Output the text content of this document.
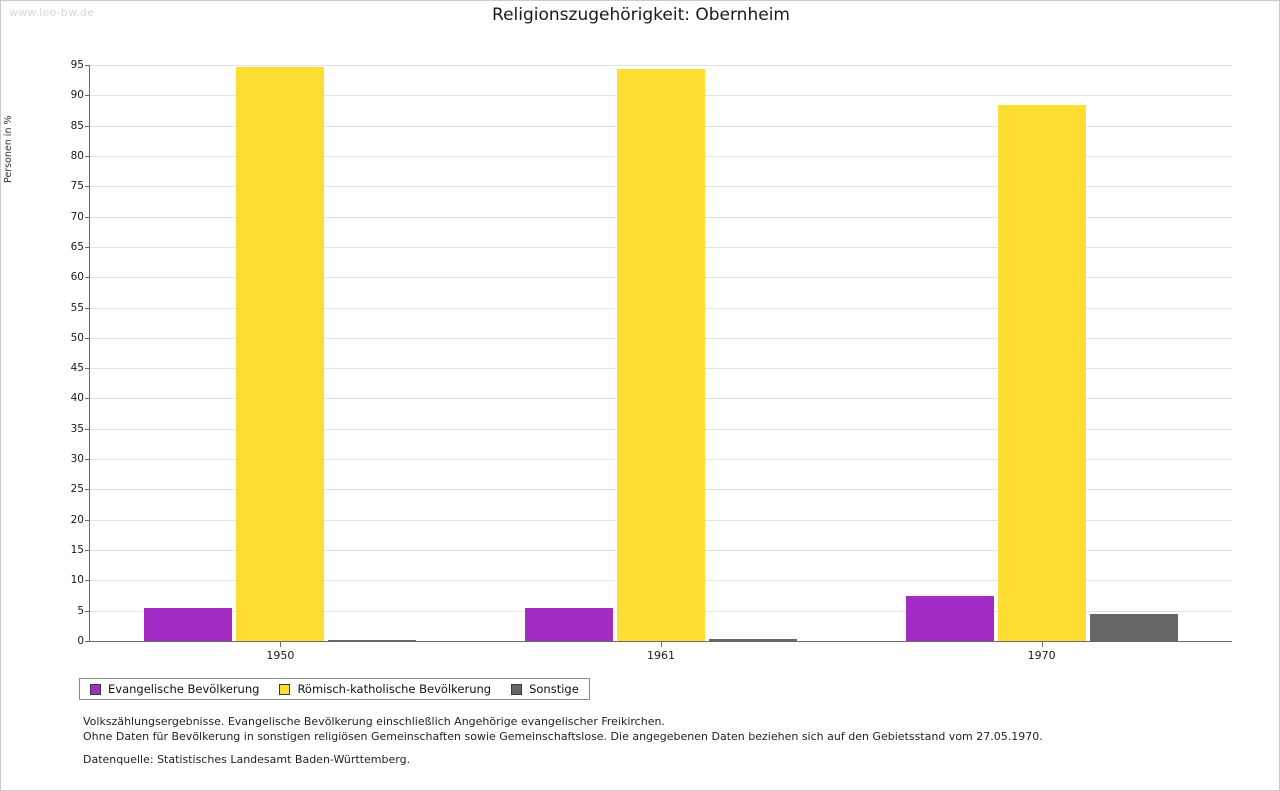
www.leo-bw.de	Religionszugehörigkeit: Obernheim
Personen in %
0
5
10
15
20
25
30
35
40
45
50
55
60
65
70
75
80
85
90
95
1950	1961	1970
Evangelische Bevölkerung	Römisch-katholische Bevölkerung	Sonstige
Volkszählungsergebnisse. Evangelische Bevölkerung einschließlich Angehörige evangelischer Freikirchen.
Ohne Daten für Bevölkerung in sonstigen religiösen Gemeinschaften sowie Gemeinschaftslose. Die angegebenen Daten beziehen sich auf den Gebietsstand vom 27.05.1970.
Datenquelle: Statistisches Landesamt Baden-Württemberg.
